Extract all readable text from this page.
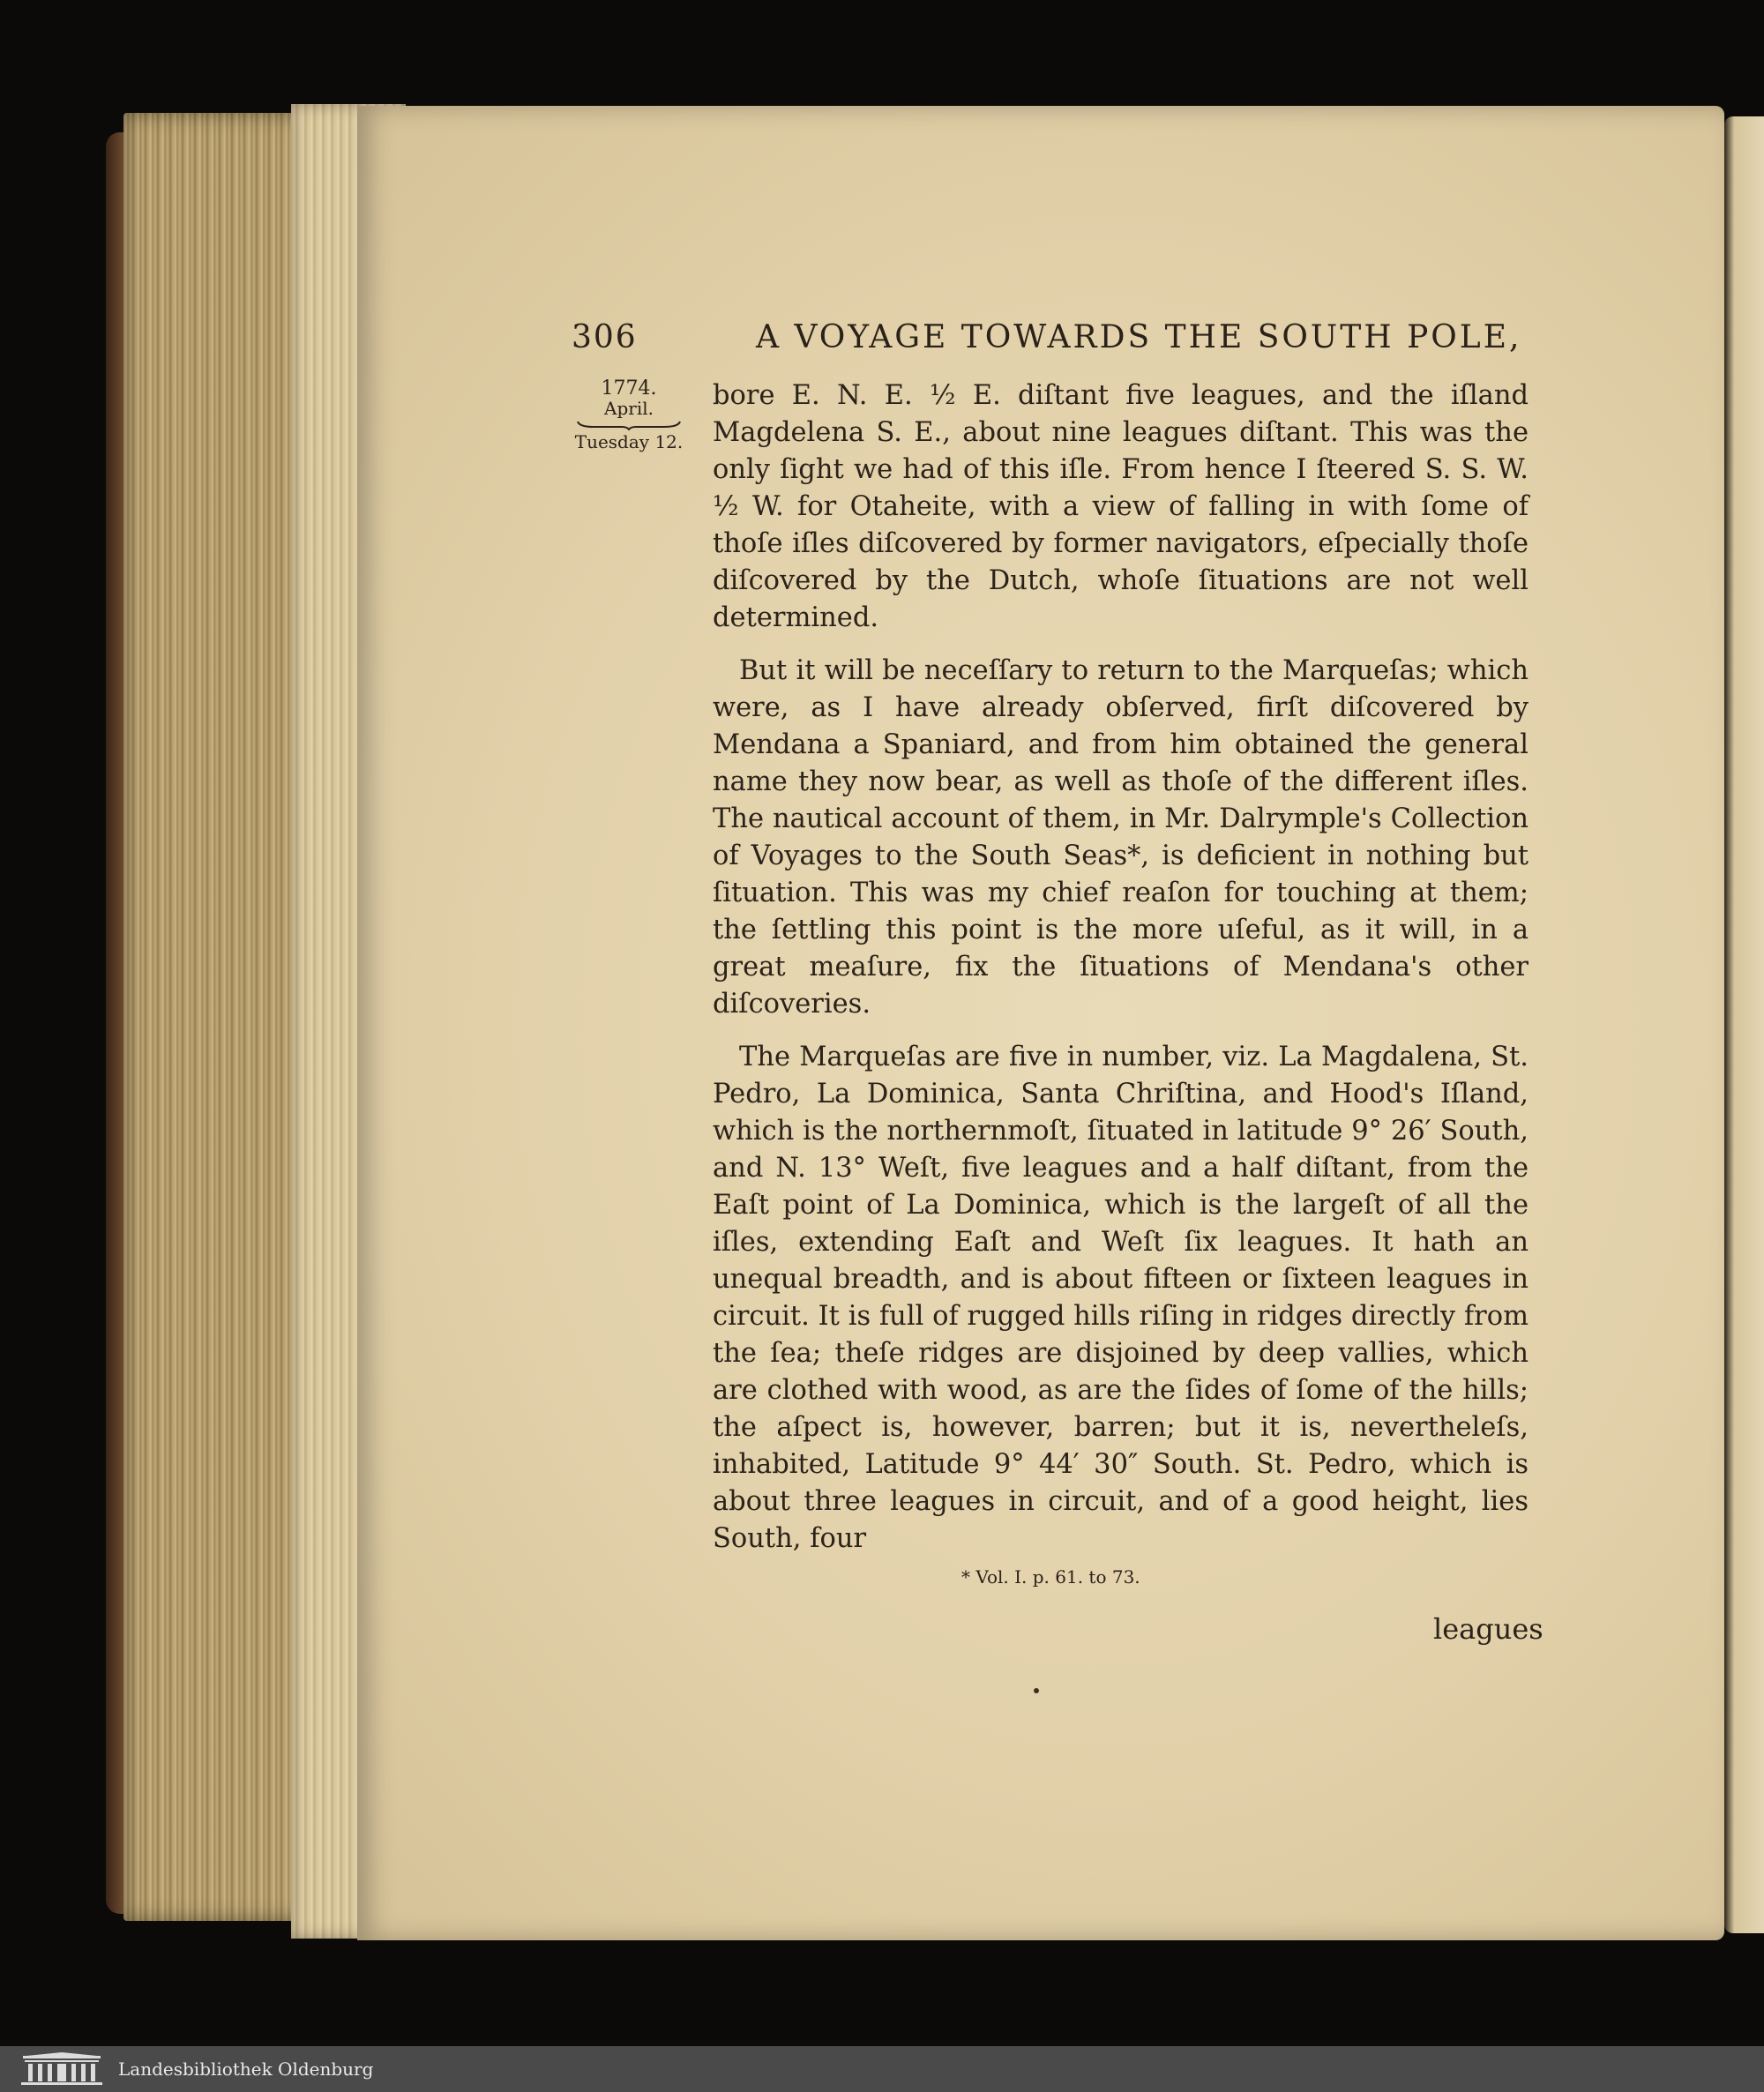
306	A VOYAGE TOWARDS THE SOUTH POLE,
1774.
April.
Tuesday 12.

bore E. N. E. ½ E. diſtant five leagues, and the iſland Magdelena S. E., about nine leagues diſtant. This was the only ſight we had of this iſle. From hence I ſteered S. S. W. ½ W. for Otaheite, with a view of falling in with ſome of thoſe iſles diſcovered by former navigators, eſpecially thoſe diſcovered by the Dutch, whoſe ſituations are not well determined.

But it will be neceſſary to return to the Marqueſas; which were, as I have already obſerved, firſt diſcovered by Mendana a Spaniard, and from him obtained the general name they now bear, as well as thoſe of the different iſles. The nautical account of them, in Mr. Dalrymple's Collection of Voyages to the South Seas*, is deficient in nothing but ſituation. This was my chief reaſon for touching at them; the ſettling this point is the more uſeful, as it will, in a great meaſure, fix the ſituations of Mendana's other diſcoveries.

The Marqueſas are five in number, viz. La Magdalena, St. Pedro, La Dominica, Santa Chriſtina, and Hood's Iſland, which is the northernmoſt, ſituated in latitude 9° 26′ South, and N. 13° Weſt, five leagues and a half diſtant, from the Eaſt point of La Dominica, which is the largeſt of all the iſles, extending Eaſt and Weſt ſix leagues. It hath an unequal breadth, and is about fifteen or ſixteen leagues in circuit. It is full of rugged hills riſing in ridges directly from the ſea; theſe ridges are disjoined by deep vallies, which are clothed with wood, as are the ſides of ſome of the hills; the aſpect is, however, barren; but it is, nevertheleſs, inhabited, Latitude 9° 44′ 30″ South. St. Pedro, which is about three leagues in circuit, and of a good height, lies South, four

* Vol. I. p. 61. to 73.
leagues
Landesbibliothek Oldenburg
